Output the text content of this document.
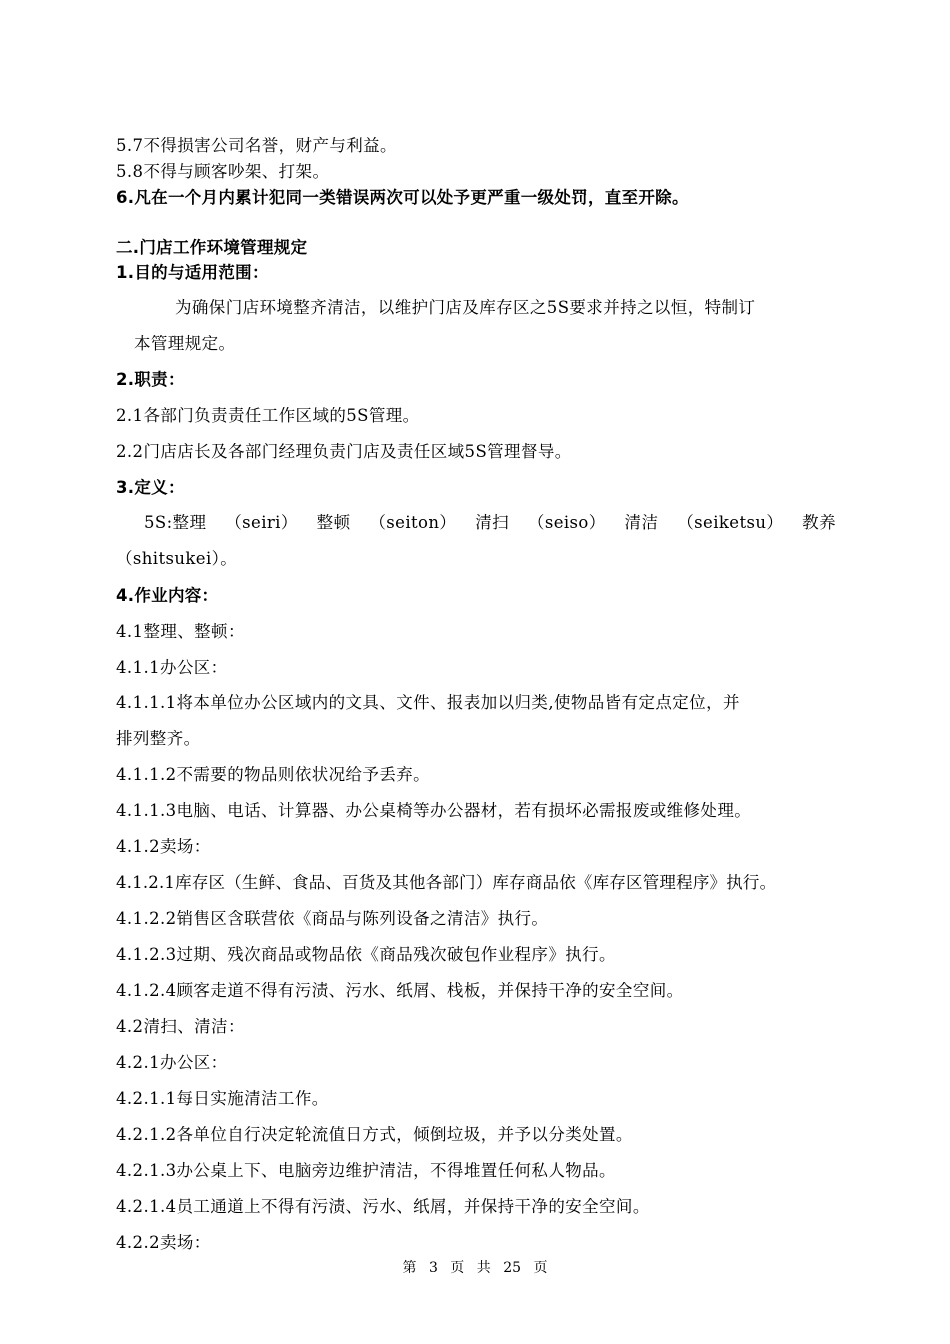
5.7不得损害公司名誉，财产与利益。
5.8不得与顾客吵架、打架。
6.凡在一个月内累计犯同一类错误两次可以处予更严重一级处罚，直至开除。
二.门店工作环境管理规定
1.目的与适用范围：
为确保门店环境整齐清洁，以维护门店及库存区之5S要求并持之以恒，特制订
本管理规定。
2.职责：
2.1各部门负责责任工作区域的5S管理。
2.2门店店长及各部门经理负责门店及责任区域5S管理督导。
3.定义：
5S:整理 （seiri） 整顿 （seiton） 清扫 （seiso） 清洁 （seiketsu） 教养
（shitsukei）。
4.作业内容：
4.1整理、整顿：
4.1.1办公区：
4.1.1.1将本单位办公区域内的文具、文件、报表加以归类,使物品皆有定点定位，并
排列整齐。
4.1.1.2不需要的物品则依状况给予丢弃。
4.1.1.3电脑、电话、计算器、办公桌椅等办公器材，若有损坏必需报废或维修处理。
4.1.2卖场：
4.1.2.1库存区（生鲜、食品、百货及其他各部门）库存商品依《库存区管理程序》执行。
4.1.2.2销售区含联营依《商品与陈列设备之清洁》执行。
4.1.2.3过期、残次商品或物品依《商品残次破包作业程序》执行。
4.1.2.4顾客走道不得有污渍、污水、纸屑、栈板，并保持干净的安全空间。
4.2清扫、清洁：
4.2.1办公区：
4.2.1.1每日实施清洁工作。
4.2.1.2各单位自行决定轮流值日方式，倾倒垃圾，并予以分类处置。
4.2.1.3办公桌上下、电脑旁边维护清洁，不得堆置任何私人物品。
4.2.1.4员工通道上不得有污渍、污水、纸屑，并保持干净的安全空间。
4.2.2卖场：
第 3 页 共 25 页
